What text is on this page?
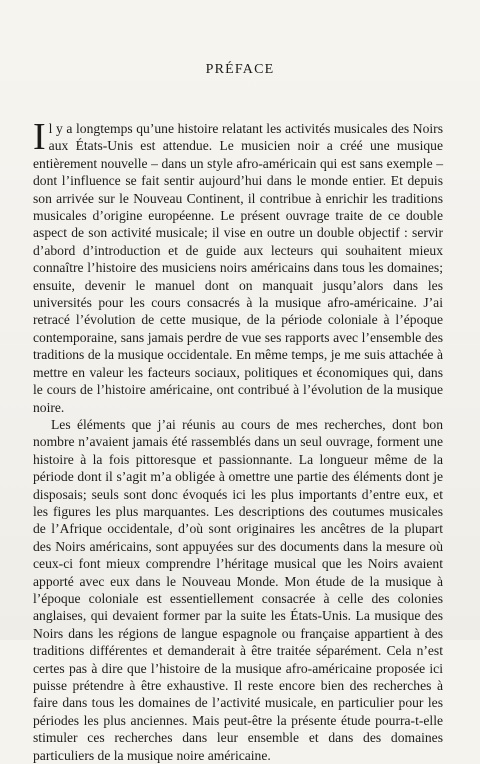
PRÉFACE

Il y a longtemps qu’une histoire relatant les activités musicales des Noirs aux États-Unis est attendue. Le musicien noir a créé une musique entièrement nouvelle – dans un style afro-américain qui est sans exemple – dont l’influence se fait sentir aujourd’hui dans le monde entier. Et depuis son arrivée sur le Nouveau Continent, il contribue à enrichir les traditions musicales d’origine européenne. Le présent ouvrage traite de ce double aspect de son activité musicale; il vise en outre un double objectif : servir d’abord d’introduction et de guide aux lecteurs qui souhaitent mieux connaître l’histoire des musiciens noirs américains dans tous les domaines; ensuite, devenir le manuel dont on manquait jusqu’alors dans les universités pour les cours consacrés à la musique afro-américaine. J’ai retracé l’évolution de cette musique, de la période coloniale à l’époque contemporaine, sans jamais perdre de vue ses rapports avec l’ensemble des traditions de la musique occidentale. En même temps, je me suis attachée à mettre en valeur les facteurs sociaux, politiques et économiques qui, dans le cours de l’histoire américaine, ont contribué à l’évolution de la musique noire.

Les éléments que j’ai réunis au cours de mes recherches, dont bon nombre n’avaient jamais été rassemblés dans un seul ouvrage, forment une histoire à la fois pittoresque et passionnante. La longueur même de la période dont il s’agit m’a obligée à omettre une partie des éléments dont je disposais; seuls sont donc évoqués ici les plus importants d’entre eux, et les figures les plus marquantes. Les descriptions des coutumes musicales de l’Afrique occidentale, d’où sont originaires les ancêtres de la plupart des Noirs américains, sont appuyées sur des documents dans la mesure où ceux-ci font mieux comprendre l’héritage musical que les Noirs avaient apporté avec eux dans le Nouveau Monde. Mon étude de la musique à l’époque coloniale est essentiellement consacrée à celle des colonies anglaises, qui devaient former par la suite les États-Unis. La musique des Noirs dans les régions de langue espagnole ou française appartient à des traditions différentes et demanderait à être traitée séparément. Cela n’est certes pas à dire que l’histoire de la musique afro-américaine proposée ici puisse prétendre à être exhaustive. Il reste encore bien des recherches à faire dans tous les domaines de l’activité musicale, en particulier pour les périodes les plus anciennes. Mais peut-être la présente étude pourra-t-elle stimuler ces recherches dans leur ensemble et dans des domaines particuliers de la musique noire américaine.
